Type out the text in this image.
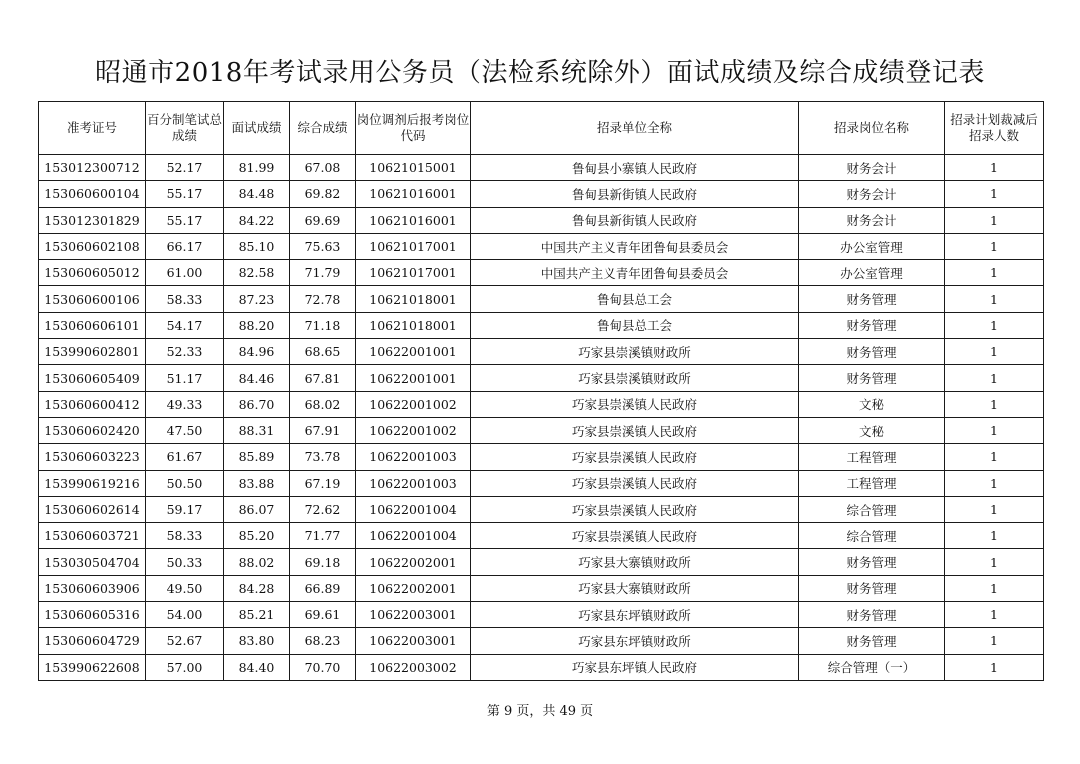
昭通市2018年考试录用公务员（法检系统除外）面试成绩及综合成绩登记表
准考证号	百分制笔试总成绩	面试成绩	综合成绩	岗位调剂后报考岗位代码	招录单位全称	招录岗位名称	招录计划裁减后招录人数
153012300712	52.17	81.99	67.08	10621015001	鲁甸县小寨镇人民政府	财务会计	1
153060600104	55.17	84.48	69.82	10621016001	鲁甸县新街镇人民政府	财务会计	1
153012301829	55.17	84.22	69.69	10621016001	鲁甸县新街镇人民政府	财务会计	1
153060602108	66.17	85.10	75.63	10621017001	中国共产主义青年团鲁甸县委员会	办公室管理	1
153060605012	61.00	82.58	71.79	10621017001	中国共产主义青年团鲁甸县委员会	办公室管理	1
153060600106	58.33	87.23	72.78	10621018001	鲁甸县总工会	财务管理	1
153060606101	54.17	88.20	71.18	10621018001	鲁甸县总工会	财务管理	1
153990602801	52.33	84.96	68.65	10622001001	巧家县崇溪镇财政所	财务管理	1
153060605409	51.17	84.46	67.81	10622001001	巧家县崇溪镇财政所	财务管理	1
153060600412	49.33	86.70	68.02	10622001002	巧家县崇溪镇人民政府	文秘	1
153060602420	47.50	88.31	67.91	10622001002	巧家县崇溪镇人民政府	文秘	1
153060603223	61.67	85.89	73.78	10622001003	巧家县崇溪镇人民政府	工程管理	1
153990619216	50.50	83.88	67.19	10622001003	巧家县崇溪镇人民政府	工程管理	1
153060602614	59.17	86.07	72.62	10622001004	巧家县崇溪镇人民政府	综合管理	1
153060603721	58.33	85.20	71.77	10622001004	巧家县崇溪镇人民政府	综合管理	1
153030504704	50.33	88.02	69.18	10622002001	巧家县大寨镇财政所	财务管理	1
153060603906	49.50	84.28	66.89	10622002001	巧家县大寨镇财政所	财务管理	1
153060605316	54.00	85.21	69.61	10622003001	巧家县东坪镇财政所	财务管理	1
153060604729	52.67	83.80	68.23	10622003001	巧家县东坪镇财政所	财务管理	1
153990622608	57.00	84.40	70.70	10622003002	巧家县东坪镇人民政府	综合管理（一）	1
第 9 页，共 49 页
